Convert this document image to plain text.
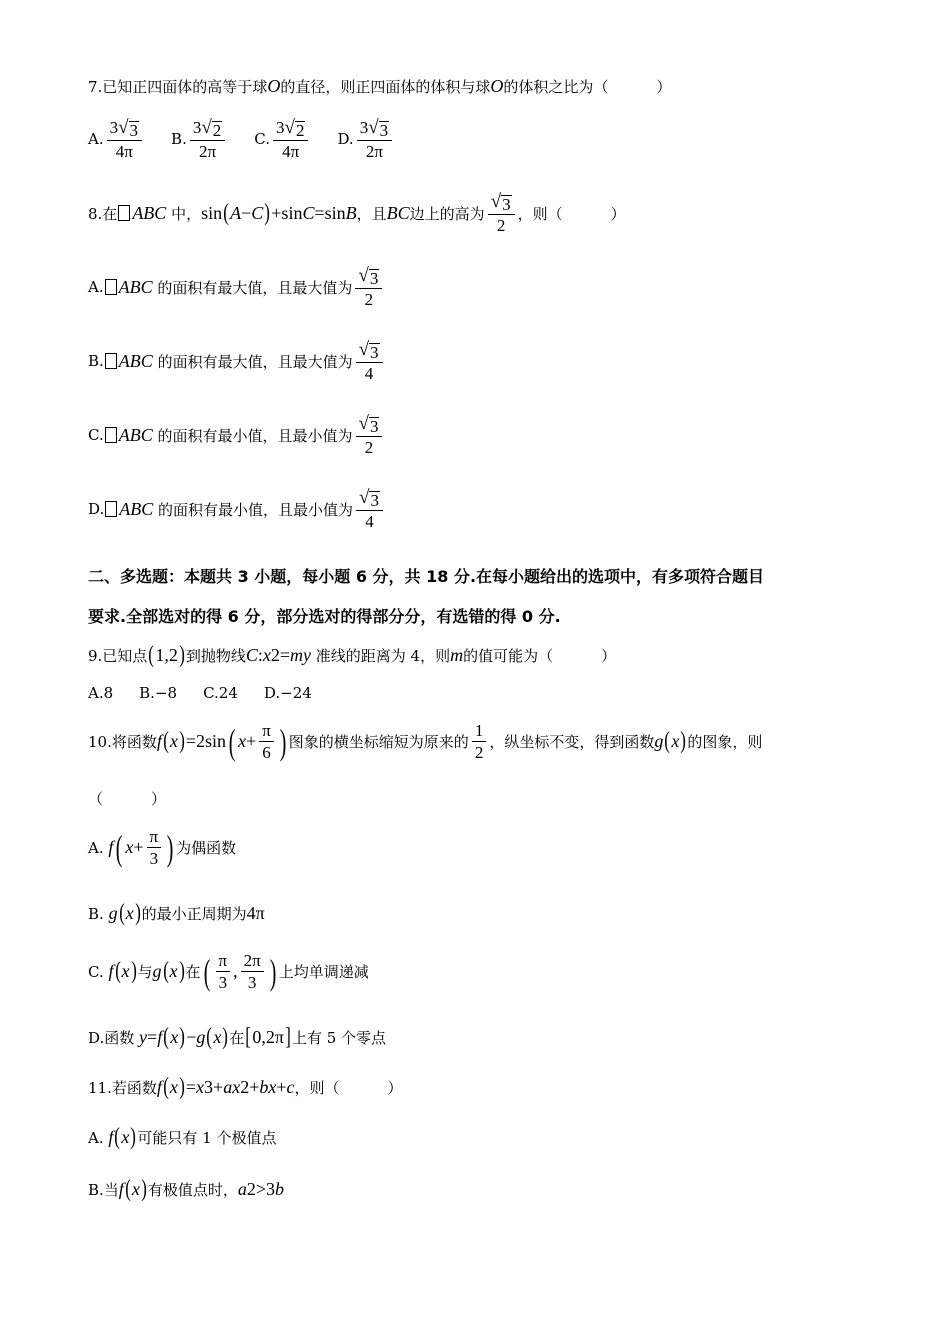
7.已知正四面体的高等于球 O 的直径，则正四面体的体积与球 O 的体积之比为（	）
A. $\frac{3 √ 3}{4\pi} B$. $\frac{3 √ 2}{2\pi} C$. $\frac{3 √ 2}{4\pi} D$. $\frac{3 √ 3}{2\pi}$
8.在 ABC 中， sin ( A − C ) +sin C =sin B ，且 BC 边上的高为 $\frac{√ 3}{2}$ ，则（	）
A. ABC 的面积有最大值，且最大值为 $\frac{√ 3}{2}$
B. ABC 的面积有最大值，且最大值为 $\frac{√ 3}{4}$
C. ABC 的面积有最小值，且最小值为 $\frac{√ 3}{2}$
D. ABC 的面积有最小值，且最小值为 $\frac{√ 3}{4}$
二、多选题：本题共 3 小题，每小题 6 分，共 18 分.在每小题给出的选项中，有多项符合题目
要求.全部选对的得 6 分，部分选对的得部分分，有选错的得 0 分.
9.已知点 ( 1,2 ) 到抛物线 C : x 2 = my 准线的距离为 4，则 m 的值可能为（	）
A.8 B.−8 C.24 D.−24
10.将函数 f ( x ) =2sin ( $x + \frac{\pi}{6}$ ) 图象的横坐标缩短为原来的 $\frac{1}{2}$ ，纵坐标不变，得到函数 g ( x ) 的图象，则
（	）
A. f ( $x + \frac{\pi}{3}$ ) 为偶函数
B. g ( x ) 的最小正周期为 4π
C. f ( x ) 与 g ( x ) 在 ( $\frac{\pi}{3}$ , $\frac{2\pi}{3}$ ) 上均单调递减
D.函数 y = f ( x ) − g ( x ) 在 [ 0,2π ] 上有 5 个零点
11.若函数 f ( x ) = x 3 + ax 2 + bx + c ，则（	）
A. f ( x ) 可能只有 1 个极值点
B.当 f ( x ) 有极值点时， a 2 >3 b
